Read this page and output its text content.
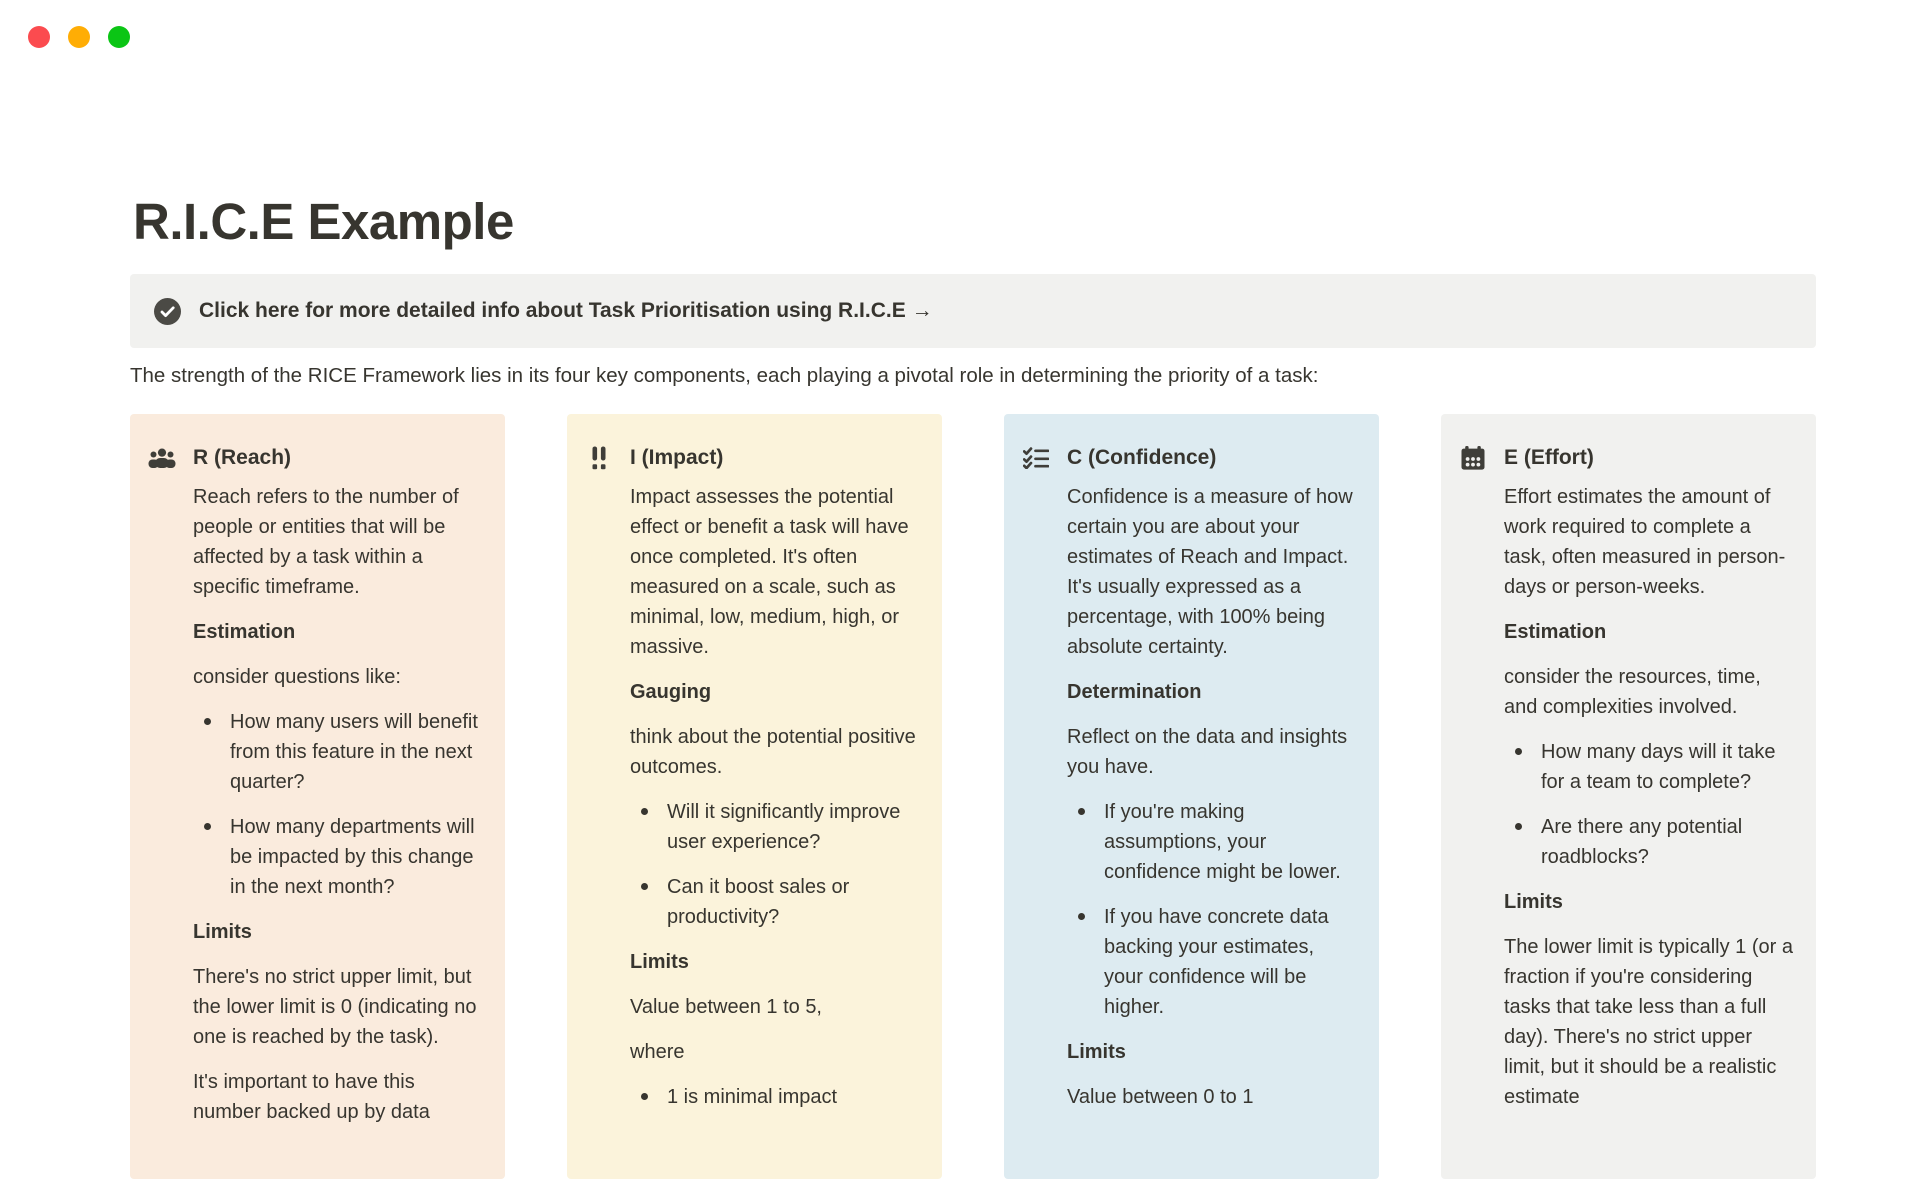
R.I.C.E Example
Click here for more detailed info about Task Prioritisation using R.I.C.E →

The strength of the RICE Framework lies in its four key components, each playing a pivotal role in determining the priority of a task:

R (Reach)
Reach refers to the number of people or entities that will be affected by a task within a specific timeframe.
Estimation
consider questions like:
How many users will benefit from this feature in the next quarter?
How many departments will be impacted by this change in the next month?
Limits
There's no strict upper limit, but the lower limit is 0 (indicating no one is reached by the task).
It's important to have this number backed up by data
I (Impact)
Impact assesses the potential effect or benefit a task will have once completed. It's often measured on a scale, such as minimal, low, medium, high, or massive.
Gauging
think about the potential positive outcomes.
Will it significantly improve user experience?
Can it boost sales or productivity?
Limits
Value between 1 to 5,
where
1 is minimal impact
C (Confidence)
Confidence is a measure of how certain you are about your estimates of Reach and Impact. It's usually expressed as a percentage, with 100% being absolute certainty.
Determination
Reflect on the data and insights you have.
If you're making assumptions, your confidence might be lower.
If you have concrete data backing your estimates, your confidence will be higher.
Limits
Value between 0 to 1
E (Effort)
Effort estimates the amount of work required to complete a task, often measured in person-days or person-weeks.
Estimation
consider the resources, time, and complexities involved.
How many days will it take for a team to complete?
Are there any potential roadblocks?
Limits
The lower limit is typically 1 (or a fraction if you're considering tasks that take less than a full day). There's no strict upper limit, but it should be a realistic estimate
